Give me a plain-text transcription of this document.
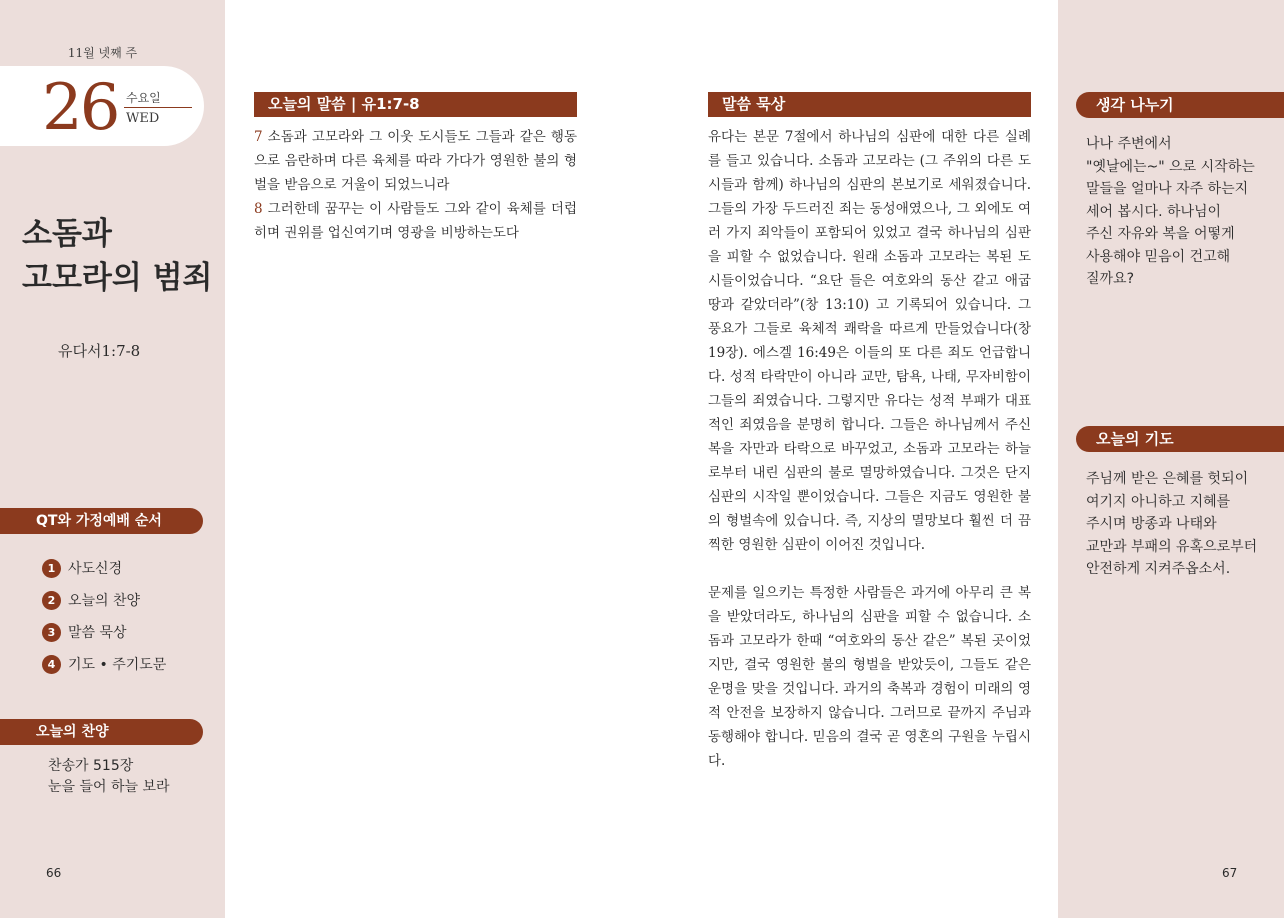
11월 넷째 주
26 수요일
WED
소돔과
고모라의 범죄
유다서1:7-8
QT와 가정예배 순서
1 사도신경
2 오늘의 찬양
3 말씀 묵상
4 기도 • 주기도문
오늘의 찬양
찬송가 515장
눈을 들어 하늘 보라
66
오늘의 말씀 | 유1:7-8
7 소돔과 고모라와 그 이웃 도시들도 그들과 같은 행동으로 음란하며 다른 육체를 따라 가다가 영원한 불의 형벌을 받음으로 거울이 되었느니라
8 그러한데 꿈꾸는 이 사람들도 그와 같이 육체를 더럽히며 권위를 업신여기며 영광을 비방하는도다
말씀 묵상

유다는 본문 7절에서 하나님의 심판에 대한 다른 실례를 들고 있습니다. 소돔과 고모라는 (그 주위의 다른 도시들과 함께) 하나님의 심판의 본보기로 세워졌습니다. 그들의 가장 두드러진 죄는 동성애였으나, 그 외에도 여러 가지 죄악들이 포함되어 있었고 결국 하나님의 심판을 피할 수 없었습니다. 원래 소돔과 고모라는 복된 도시들이었습니다. “요단 들은 여호와의 동산 같고 애굽 땅과 같았더라”(창 13:10) 고 기록되어 있습니다. 그 풍요가 그들로 육체적 쾌락을 따르게 만들었습니다(창19장). 에스겔 16:49은 이들의 또 다른 죄도 언급합니다. 성적 타락만이 아니라 교만, 탐욕, 나태, 무자비함이 그들의 죄였습니다. 그렇지만 유다는 성적 부패가 대표적인 죄였음을 분명히 합니다. 그들은 하나님께서 주신 복을 자만과 타락으로 바꾸었고, 소돔과 고모라는 하늘로부터 내린 심판의 불로 멸망하였습니다. 그것은 단지 심판의 시작일 뿐이었습니다. 그들은 지금도 영원한 불의 형벌속에 있습니다. 즉, 지상의 멸망보다 훨씬 더 끔찍한 영원한 심판이 이어진 것입니다.

문제를 일으키는 특정한 사람들은 과거에 아무리 큰 복을 받았더라도, 하나님의 심판을 피할 수 없습니다. 소돔과 고모라가 한때 “여호와의 동산 같은” 복된 곳이었지만, 결국 영원한 불의 형벌을 받았듯이, 그들도 같은 운명을 맞을 것입니다. 과거의 축복과 경험이 미래의 영적 안전을 보장하지 않습니다. 그러므로 끝까지 주님과 동행해야 합니다. 믿음의 결국 곧 영혼의 구원을 누립시다.

생각 나누기
나나 주변에서
"옛날에는~" 으로 시작하는
말들을 얼마나 자주 하는지
세어 봅시다. 하나님이
주신 자유와 복을 어떻게
사용해야 믿음이 건고해
질까요?
오늘의 기도
주님께 받은 은혜를 헛되이
여기지 아니하고 지혜를
주시며 방종과 나태와
교만과 부패의 유혹으로부터
안전하게 지켜주옵소서.
67
